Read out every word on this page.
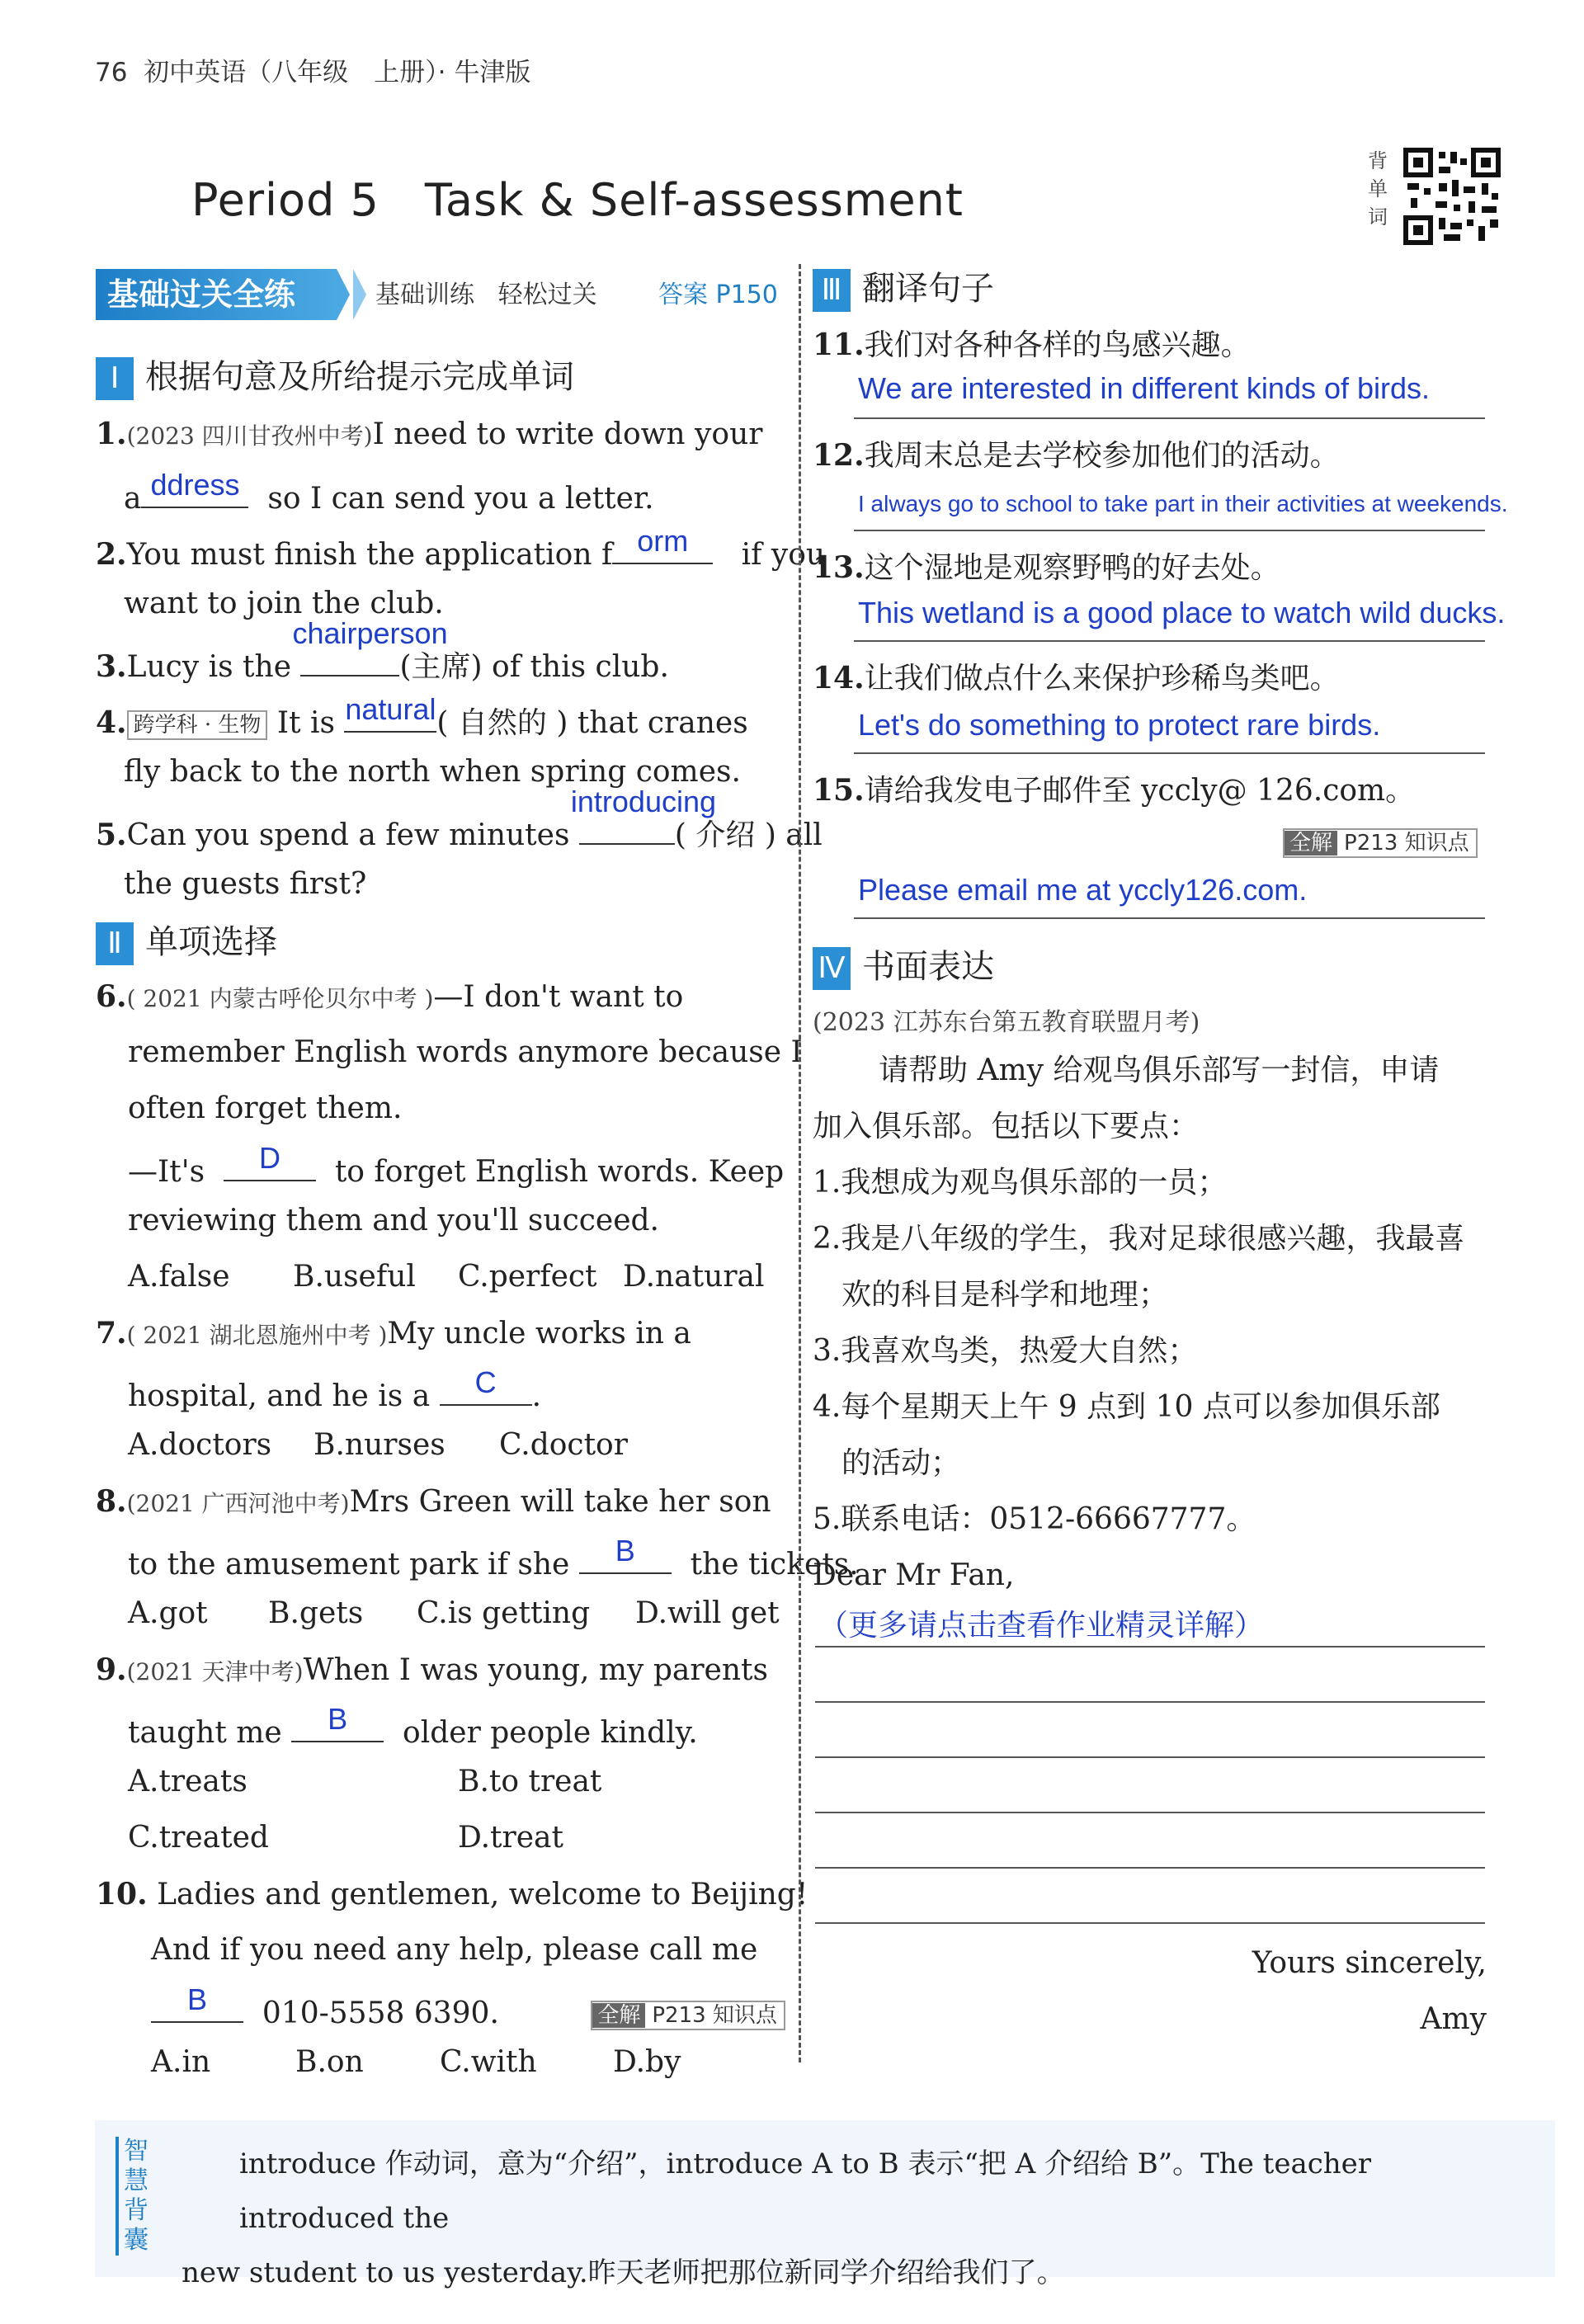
76 初中英语（八年级　上册）· 牛津版
Period 5　Task & Self-assessment
背单词
基础过关全练	基础训练 轻松过关 答案 P150
Ⅰ 根据句意及所给提示完成单词
1.(2023 四川甘孜州中考)I need to write down your
a ddress so I can send you a letter.
2.You must finish the application f orm	if you
want to join the club.
3.Lucy is the
chairperson
(主席) of this club.
4. 跨学科 · 生物 It is natural ( 自然的 ) that cranes
fly back to the north when spring comes.
5.Can you spend a few minutes
introducing
( 介绍 ) all
the guests first?
Ⅱ 单项选择
6.( 2021 内蒙古呼伦贝尔中考 )—I don't want to
remember English words anymore because I
often forget them.
—It's	D	to forget English words. Keep
reviewing them and you'll succeed.
A.false B.useful C.perfect D.natural
7.( 2021 湖北恩施州中考 )My uncle works in a
hospital, and he is a	C	.
A.doctors B.nurses C.doctor
8.(2021 广西河池中考)Mrs Green will take her son
to the amusement park if she	B	the tickets.
A.got B.gets C.is getting D.will get
9.(2021 天津中考)When I was young, my parents
taught me	B	older people kindly.
A.treats	B.to treat
C.treated	D.treat
10. Ladies and gentlemen, welcome to Beijing!
And if you need any help, please call me
B	010-5558 6390.	全解 P213 知识点
A.in	B.on	C.with	D.by
Ⅲ 翻译句子
11.我们对各种各样的鸟感兴趣。
We are interested in different kinds of birds.
12.我周末总是去学校参加他们的活动。
I always go to school to take part in their activities at weekends.
13.这个湿地是观察野鸭的好去处。
This wetland is a good place to watch wild ducks.
14.让我们做点什么来保护珍稀鸟类吧。
Let's do something to protect rare birds.
15.请给我发电子邮件至 yccly@ 126.com。
全解 P213 知识点
Please email me at yccly126.com.
Ⅳ 书面表达
(2023 江苏东台第五教育联盟月考)
请帮助 Amy 给观鸟俱乐部写一封信，申请
加入俱乐部。包括以下要点：
1.我想成为观鸟俱乐部的一员；
2.我是八年级的学生，我对足球很感兴趣，我最喜
欢的科目是科学和地理；
3.我喜欢鸟类，热爱大自然；
4.每个星期天上午 9 点到 10 点可以参加俱乐部
的活动；
5.联系电话：0512-66667777。
Dear Mr Fan,
（更多请点击查看作业精灵详解）
Yours sincerely,
Amy
智慧背囊
introduce 作动词，意为“介绍”，introduce A to B 表示“把 A 介绍给 B”。The teacher introduced the
new student to us yesterday.昨天老师把那位新同学介绍给我们了。
